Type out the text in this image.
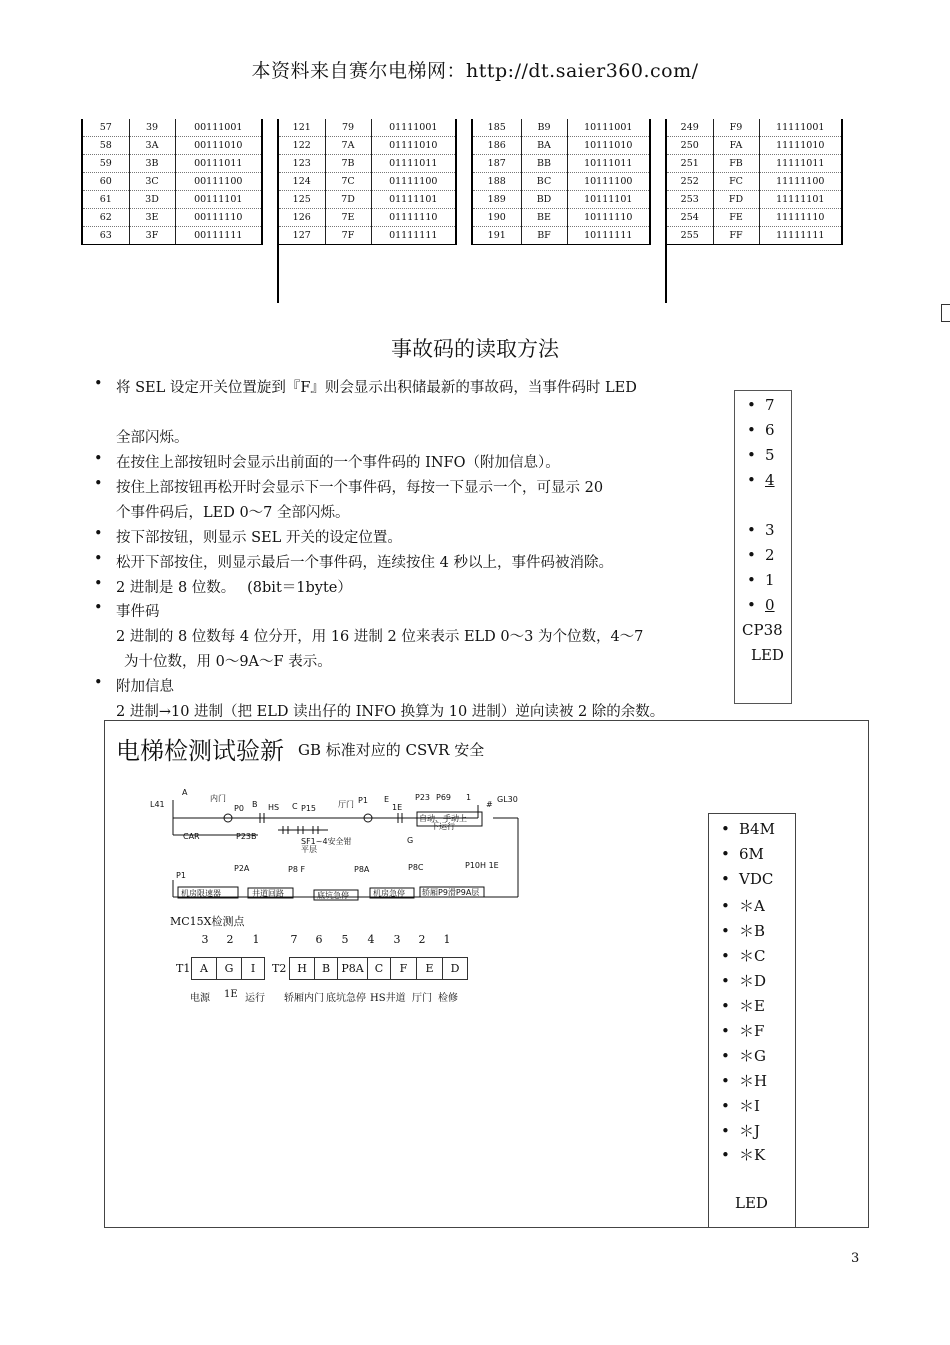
本资料来自赛尔电梯网：http://dt.saier360.com/
57	39	00111001
58	3A	00111010
59	3B	00111011
60	3C	00111100
61	3D	00111101
62	3E	00111110
63	3F	00111111
121	79	01111001
122	7A	01111010
123	7B	01111011
124	7C	01111100
125	7D	01111101
126	7E	01111110
127	7F	01111111
185	B9	10111001
186	BA	10111010
187	BB	10111011
188	BC	10111100
189	BD	10111101
190	BE	10111110
191	BF	10111111
249	F9	11111001
250	FA	11111010
251	FB	11111011
252	FC	11111100
253	FD	11111101
254	FE	11111110
255	FF	11111111
事故码的读取方法
• 将 SEL 设定开关位置旋到『F』则会显示出积储最新的事故码，当事件码时 LED
全部闪烁。
• 在按住上部按钮时会显示出前面的一个事件码的 INFO（附加信息）。
• 按住上部按钮再松开时会显示下一个事件码，每按一下显示一个，可显示 20
个事件码后，LED 0～7 全部闪烁。
• 按下部按钮，则显示 SEL 开关的设定位置。
• 松开下部按住，则显示最后一个事件码，连续按住 4 秒以上，事件码被消除。
• 2 进制是 8 位数。　 (8bit＝1byte）
• 事件码
2 进制的 8 位数每 4 位分开，用 16 进制 2 位来表示 ELD 0～3 为个位数，4～7
为十位数，用 0～9A～F 表示。
• 附加信息
2 进制→10 进制（把 ELD 读出仔的 INFO 换算为 10 进制）逆向读被 2 除的余数。
• 7
• 6
• 5
• 4
• 3
• 2
• 1
• 0
CP38
LED
电梯检测试验新 GB 标准对应的 CSVR 安全
L41
A
内门
P0 B HS C P15	厅门 P1 E
1E
P23 P69 1
#
GL30
CAR	P23B
SF1~4安全钳
平层
G
自动、手动上
下运行
P1
P2A	P8 F	P8A	P8C	P10H 1E
机房限速器	井道回路	底坑急停	机房急停 轿厢P9滑P9A层
MC15X检测点
3	2	1	7	6	5	4	3	2	1
T1 A	G	I	T2 H	B	P8A	C	F	E	D
电源 1E 运行 轿厢内门 底坑急停 HS井道 厅门 检修
• B4M
• 6M
• VDC
• ＊A
• ＊B
• ＊C
• ＊D
• ＊E
• ＊F
• ＊G
• ＊H
• ＊I
• ＊J
• ＊K
LED
3
